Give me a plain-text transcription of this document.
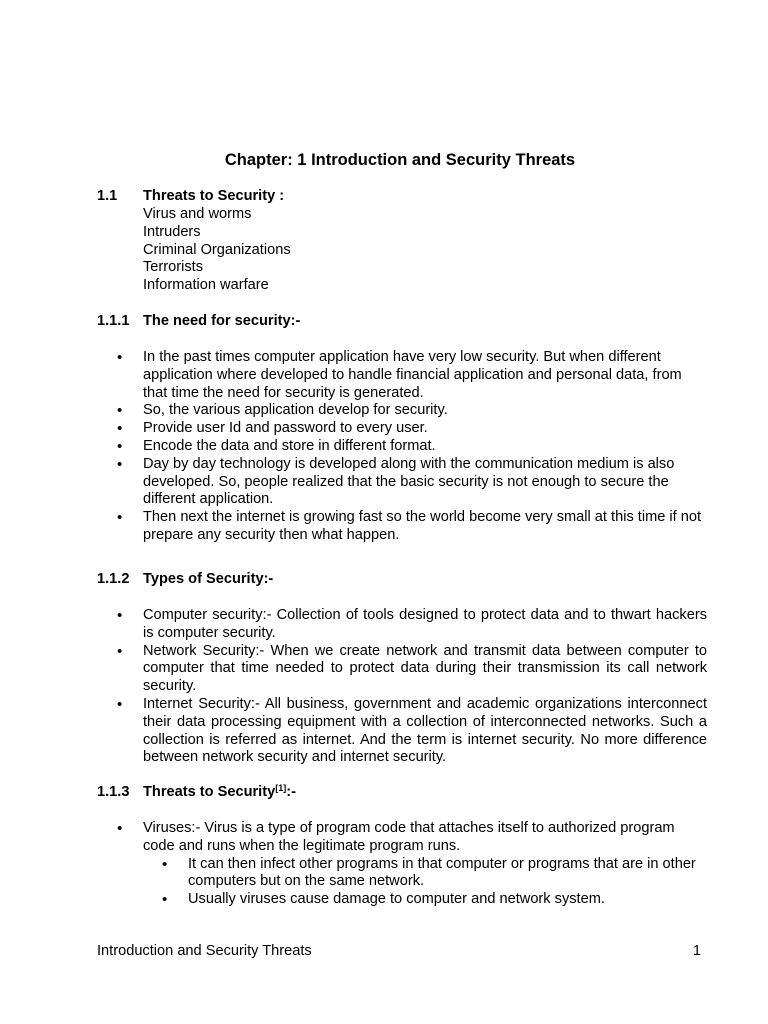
Chapter: 1 Introduction and Security Threats
1.1 Threats to Security :
Virus and worms
Intruders
Criminal Organizations
Terrorists
Information warfare
1.1.1 The need for security:-
• In the past times computer application have very low security. But when different application where developed to handle financial application and personal data, from that time the need for security is generated.
• So, the various application develop for security.
• Provide user Id and password to every user.
• Encode the data and store in different format.
• Day by day technology is developed along with the communication medium is also developed. So, people realized that the basic security is not enough to secure the different application.
• Then next the internet is growing fast so the world become very small at this time if not prepare any security then what happen.
1.1.2 Types of Security:-
• Computer security:- Collection of tools designed to protect data and to thwart hackers is computer security.
• Network Security:- When we create network and transmit data between computer to computer that time needed to protect data during their transmission its call network security.
• Internet Security:- All business, government and academic organizations interconnect their data processing equipment with a collection of interconnected networks. Such a collection is referred as internet. And the term is internet security. No more difference between network security and internet security.
1.1.3 Threats to Security[1]:-
• Viruses:- Virus is a type of program code that attaches itself to authorized program code and runs when the legitimate program runs.
• It can then infect other programs in that computer or programs that are in other computers but on the same network.
• Usually viruses cause damage to computer and network system.
Introduction and Security Threats	1
